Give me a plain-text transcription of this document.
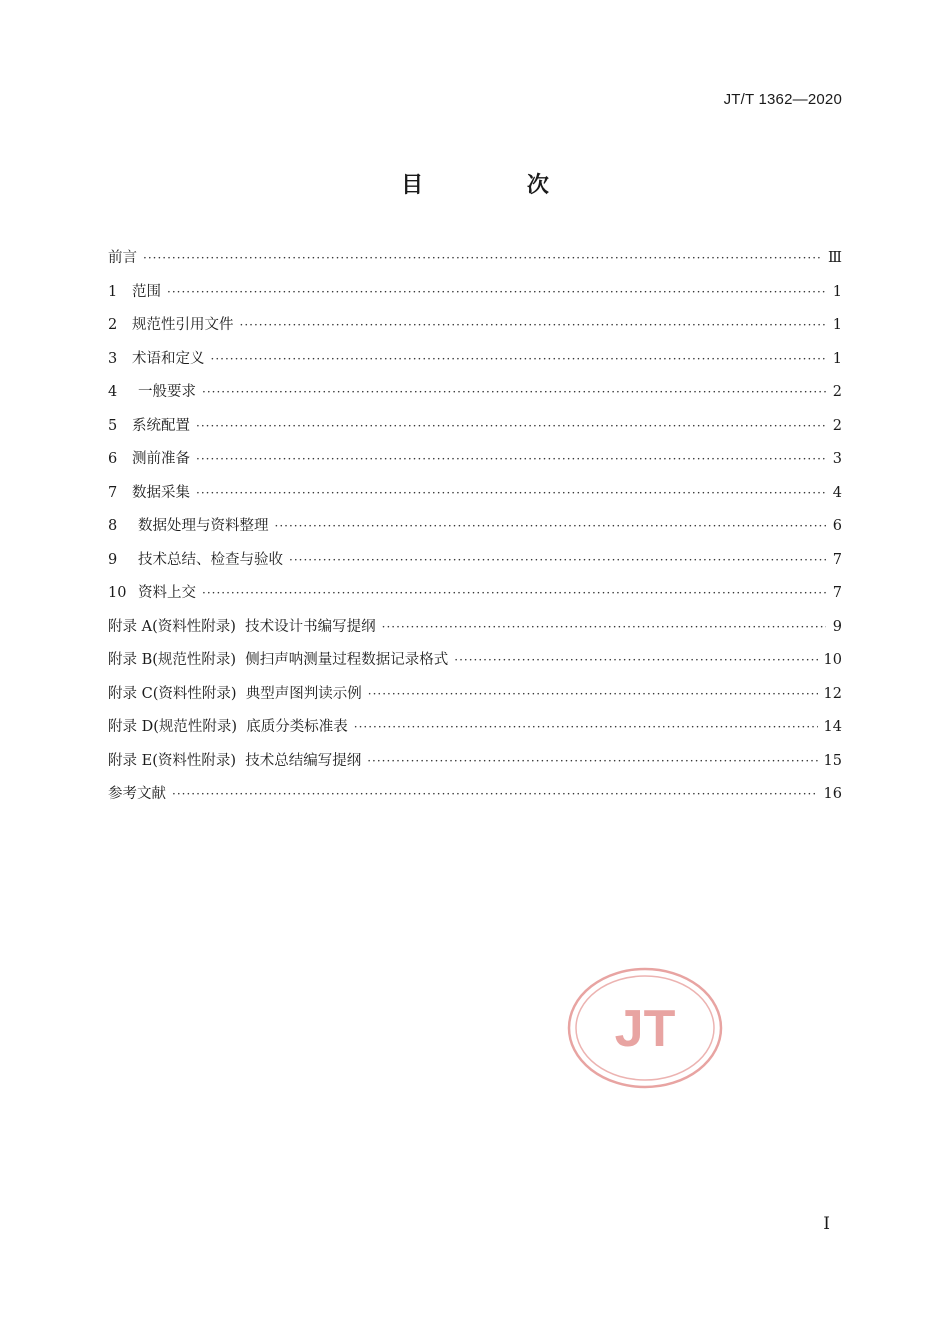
JT/T 1362—2020
目 次
前言 ·····	Ⅲ
1 范围 ·····	1
2 规范性引用文件 ·····	1
3 术语和定义 ·····	1
4 一般要求 ·····	2
5 系统配置 ·····	2
6 测前准备 ·····	3
7 数据采集 ·····	4
8 数据处理与资料整理 ·····	6
9 技术总结、检查与验收 ·····	7
10 资料上交 ·····	7
附录 A(资料性附录)  技术设计书编写提纲 ·····	9
附录 B(规范性附录)  侧扫声呐测量过程数据记录格式 ·····	10
附录 C(资料性附录)  典型声图判读示例 ·····	12
附录 D(规范性附录)  底质分类标准表 ·····	14
附录 E(资料性附录)  技术总结编写提纲 ·····	15
参考文献 ·····	16
JT
Ⅰ
